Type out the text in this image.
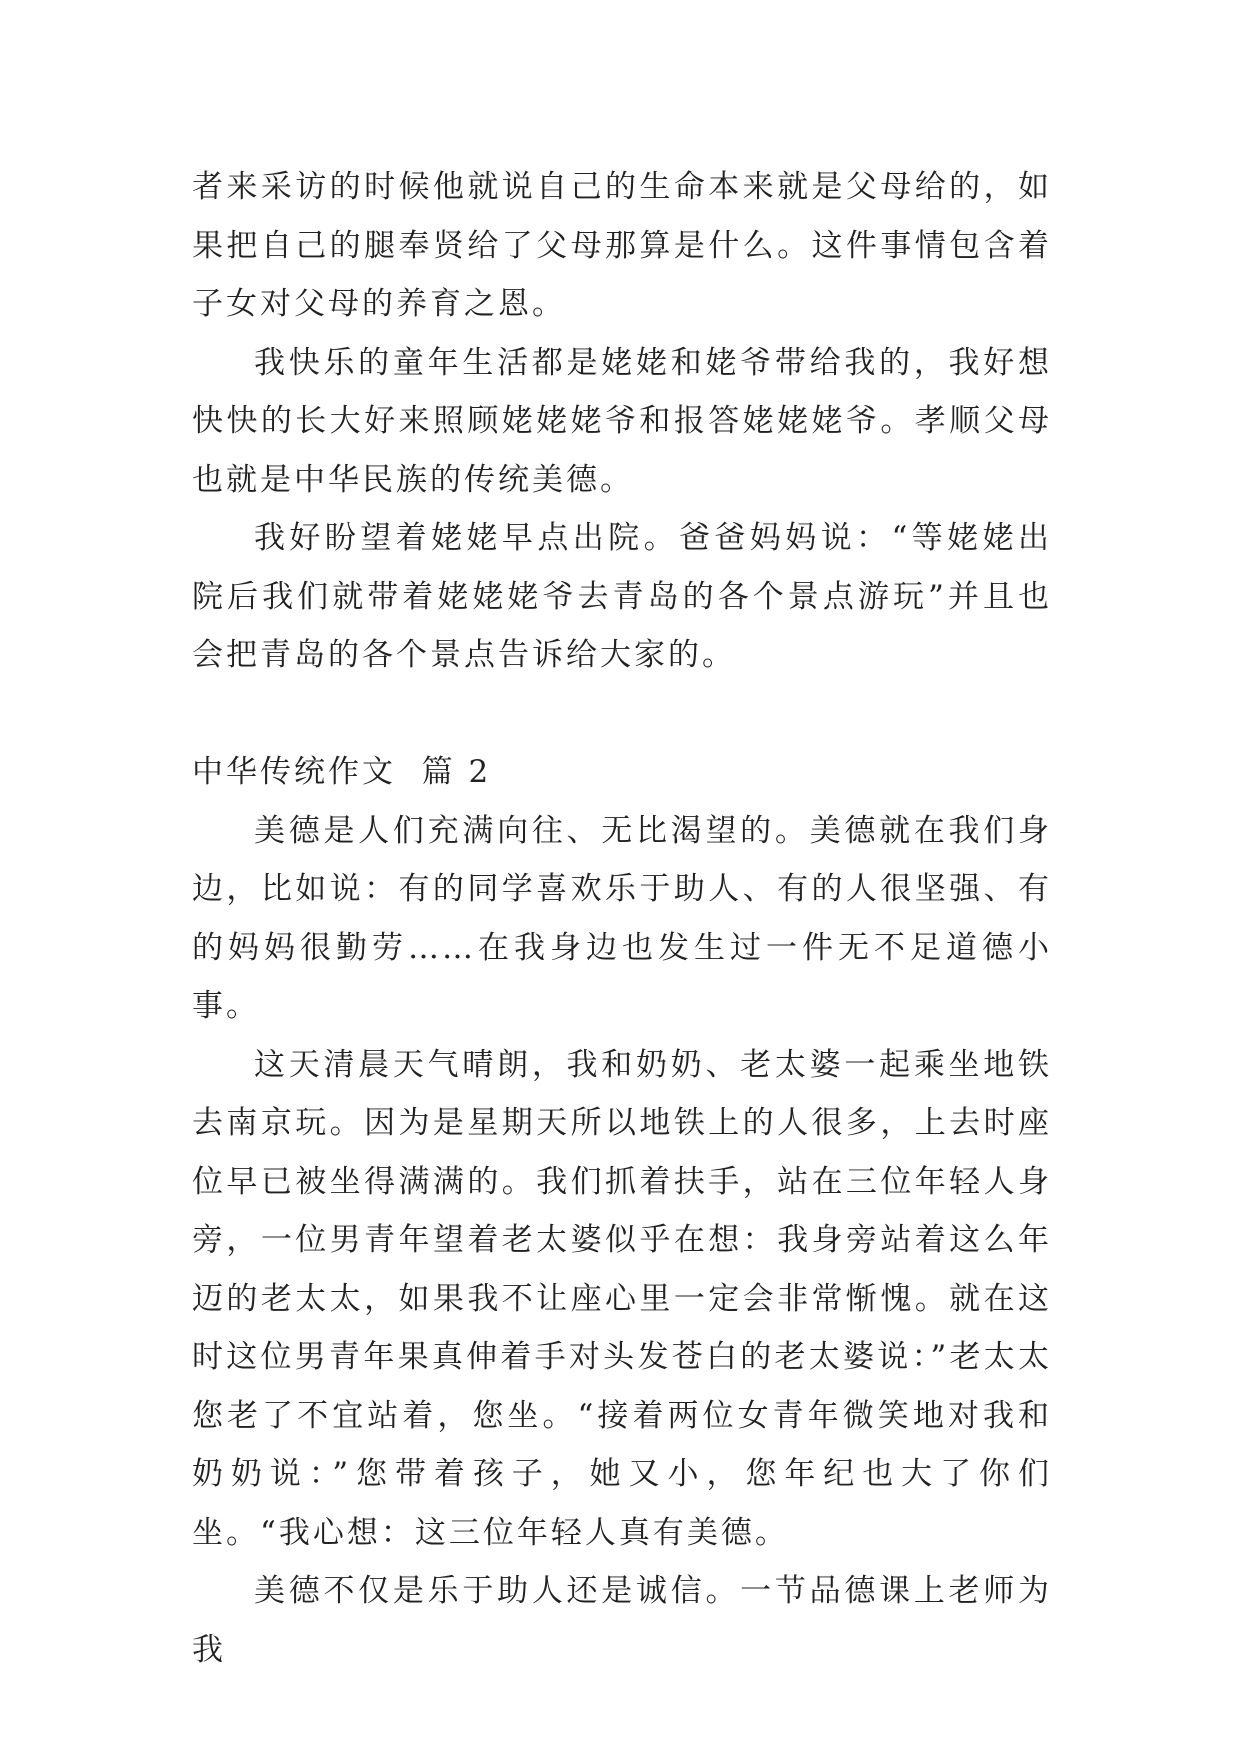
者来采访的时候他就说自己的生命本来就是父母给的，如果把自己的腿奉贤给了父母那算是什么。这件事情包含着子女对父母的养育之恩。

我快乐的童年生活都是姥姥和姥爷带给我的，我好想快快的长大好来照顾姥姥姥爷和报答姥姥姥爷。孝顺父母也就是中华民族的传统美德。

我好盼望着姥姥早点出院。爸爸妈妈说：“等姥姥出院后我们就带着姥姥姥爷去青岛的各个景点游玩”并且也会把青岛的各个景点告诉给大家的。

中华传统作文  篇 2

美德是人们充满向往、无比渴望的。美德就在我们身边，比如说：有的同学喜欢乐于助人、有的人很坚强、有的妈妈很勤劳……在我身边也发生过一件无不足道德小事。

这天清晨天气晴朗，我和奶奶、老太婆一起乘坐地铁去南京玩。因为是星期天所以地铁上的人很多，上去时座位早已被坐得满满的。我们抓着扶手，站在三位年轻人身旁，一位男青年望着老太婆似乎在想：我身旁站着这么年迈的老太太，如果我不让座心里一定会非常惭愧。就在这时这位男青年果真伸着手对头发苍白的老太婆说：”老太太您老了不宜站着，您坐。“接着两位女青年微笑地对我和奶奶说：”您带着孩子，她又小，您年纪也大了你们坐。“我心想：这三位年轻人真有美德。

美德不仅是乐于助人还是诚信。一节品德课上老师为我
